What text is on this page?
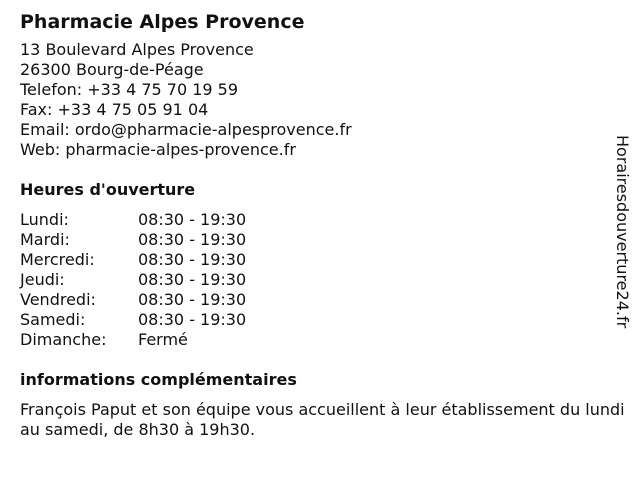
Pharmacie Alpes Provence
13 Boulevard Alpes Provence
26300 Bourg-de-Péage
Telefon: +33 4 75 70 19 59
Fax: +33 4 75 05 91 04
Email: ordo@pharmacie-alpesprovence.fr
Web: pharmacie-alpes-provence.fr
Heures d'ouverture
Lundi:	08:30 - 19:30
Mardi:	08:30 - 19:30
Mercredi:	08:30 - 19:30
Jeudi:	08:30 - 19:30
Vendredi:	08:30 - 19:30
Samedi:	08:30 - 19:30
Dimanche:	Fermé
informations complémentaires
François Paput et son équipe vous accueillent à leur établissement du lundi au samedi, de 8h30 à 19h30.
Horairesdouverture24.fr
